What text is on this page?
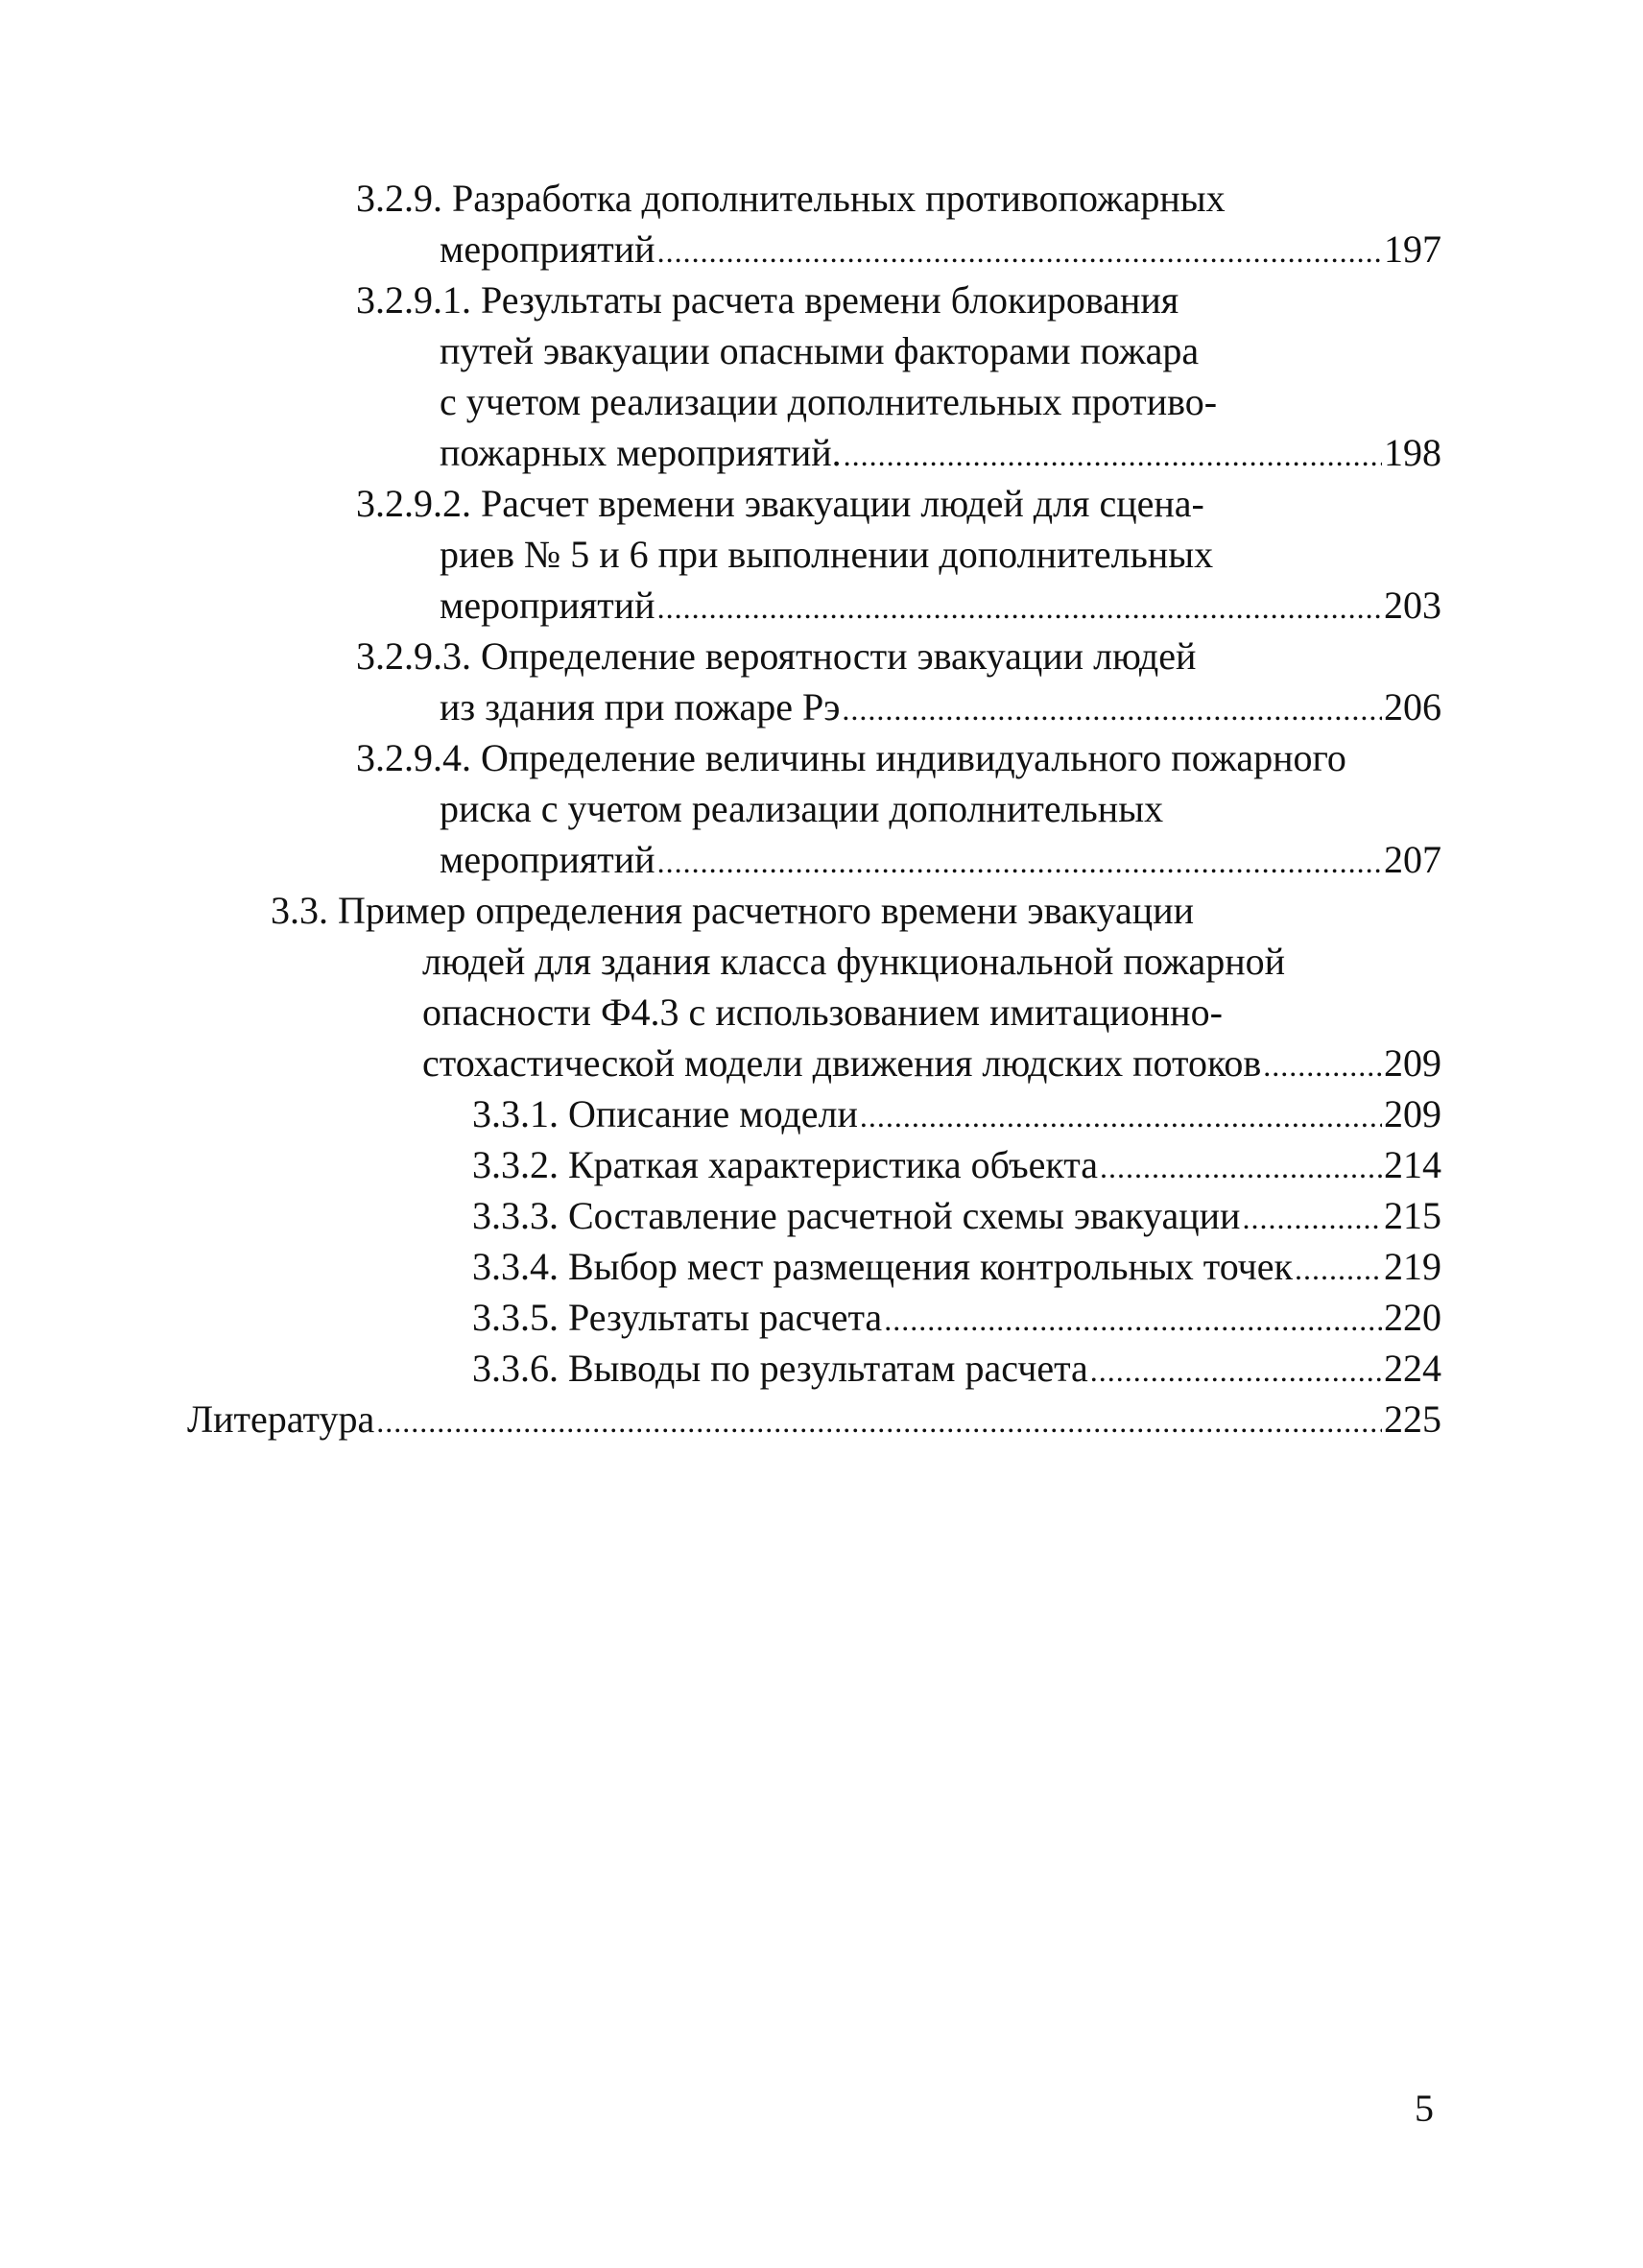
3.2.9. Разработка дополнительных противопожарных
мероприятий .....	197
3.2.9.1. Результаты расчета времени блокирования
путей эвакуации опасными факторами пожара
с учетом реализации дополнительных противо-
пожарных мероприятий. .....	198
3.2.9.2. Расчет времени эвакуации людей для сцена-
риев № 5 и 6 при выполнении дополнительных
мероприятий .....	203
3.2.9.3. Определение вероятности эвакуации людей
из здания при пожаре Pэ .....	206
3.2.9.4. Определение величины индивидуального пожарного
риска с учетом реализации дополнительных
мероприятий .....	207
3.3. Пример определения расчетного времени эвакуации
людей для здания класса функциональной пожарной
опасности Ф4.3 с использованием имитационно-
стохастической модели движения людских потоков .....	209
3.3.1. Описание модели .....	209
3.3.2. Краткая характеристика объекта .....	214
3.3.3. Составление расчетной схемы эвакуации .....	215
3.3.4. Выбор мест размещения контрольных точек ..... 219
3.3.5. Результаты расчета .....	220
3.3.6. Выводы по результатам расчета .....	224
Литература .....	225
5
